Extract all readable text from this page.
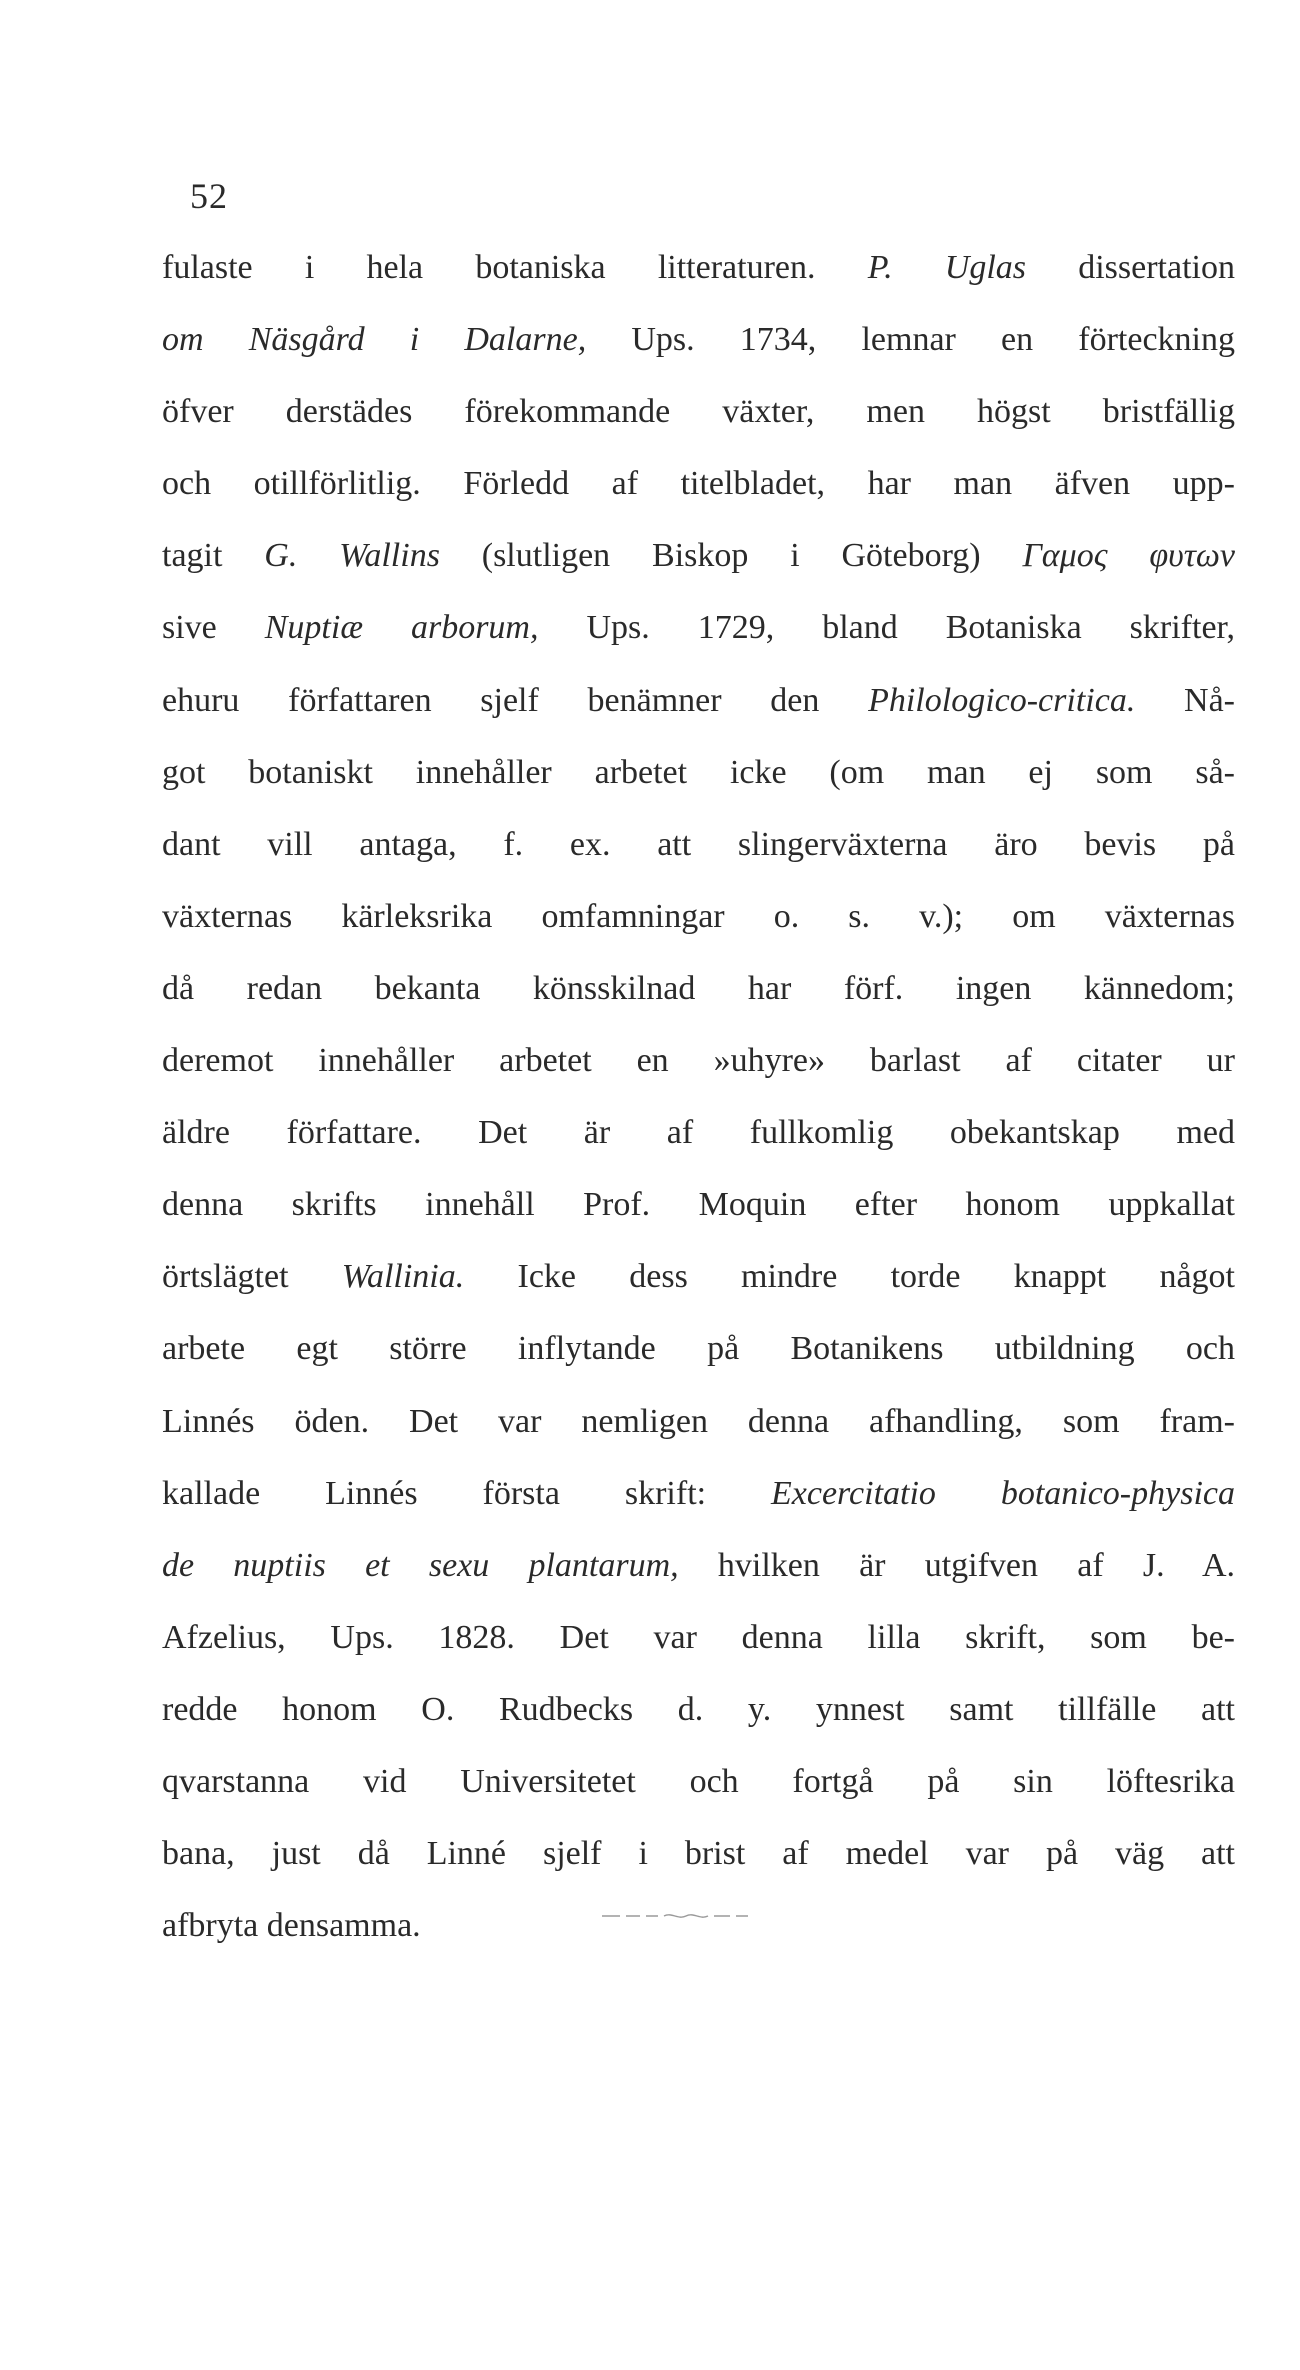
52
fulaste i hela botaniska litteraturen. P. Uglas dissertation
om Näsgård i Dalarne, Ups. 1734, lemnar en förteckning
öfver derstädes förekommande växter, men högst bristfällig
och otillförlitlig. Förledd af titelbladet, har man äfven upp-
tagit G. Wallins (slutligen Biskop i Göteborg) Γαμος φυτων
sive Nuptiæ arborum, Ups. 1729, bland Botaniska skrifter,
ehuru författaren sjelf benämner den Philologico-critica. Nå-
got botaniskt innehåller arbetet icke (om man ej som så-
dant vill antaga, f. ex. att slingerväxterna äro bevis på
växternas kärleksrika omfamningar o. s. v.); om växternas
då redan bekanta könsskilnad har förf. ingen kännedom;
deremot innehåller arbetet en »uhyre» barlast af citater ur
äldre författare. Det är af fullkomlig obekantskap med
denna skrifts innehåll Prof. Moquin efter honom uppkallat
örtslägtet Wallinia. Icke dess mindre torde knappt något
arbete egt större inflytande på Botanikens utbildning och
Linnés öden. Det var nemligen denna afhandling, som fram-
kallade Linnés första skrift: Excercitatio botanico-physica
de nuptiis et sexu plantarum, hvilken är utgifven af J. A.
Afzelius, Ups. 1828. Det var denna lilla skrift, som be-
redde honom O. Rudbecks d. y. ynnest samt tillfälle att
qvarstanna vid Universitetet och fortgå på sin löftesrika
bana, just då Linné sjelf i brist af medel var på väg att
afbryta densamma.
